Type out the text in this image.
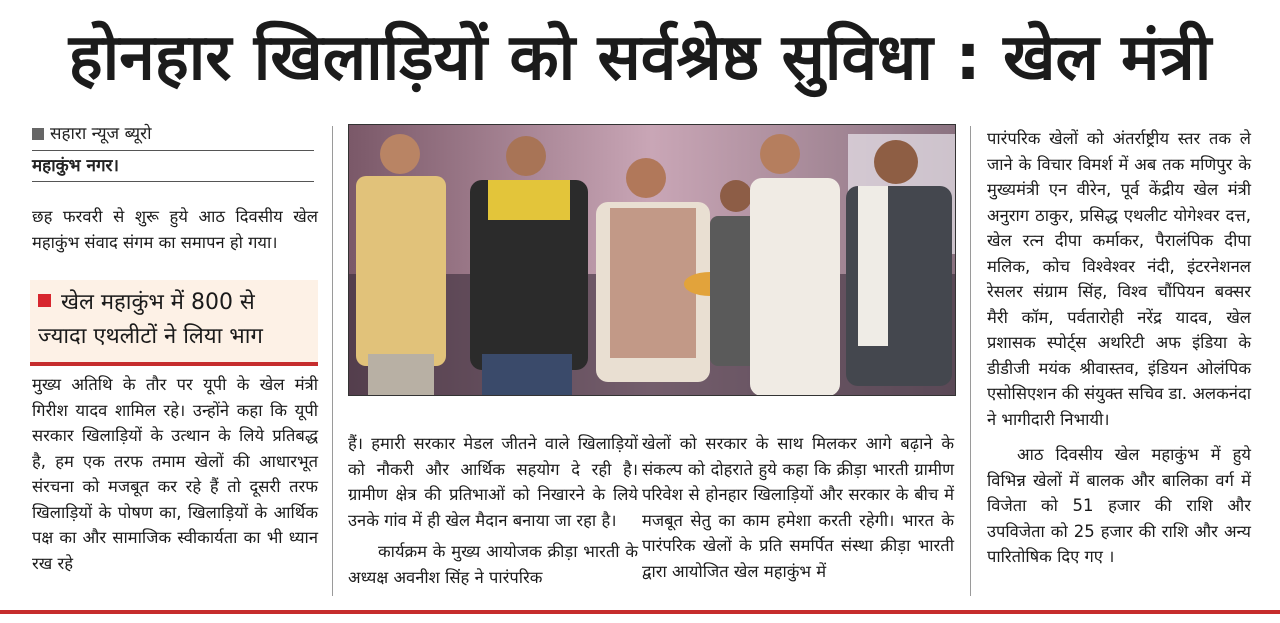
होनहार खिलाड़ियों को सर्वश्रेष्ठ सुविधा : खेल मंत्री
सहारा न्यूज ब्यूरो
महाकुंभ नगर।

छह फरवरी से शुरू हुये आठ दिवसीय खेल महाकुंभ संवाद संगम का समापन हो गया।

खेल महाकुंभ में 800 से ज्यादा एथलीटों ने लिया भाग

मुख्य अतिथि के तौर पर यूपी के खेल मंत्री गिरीश यादव शामिल रहे। उन्होंने कहा कि यूपी सरकार खिलाड़ियों के उत्थान के लिये प्रतिबद्ध है, हम एक तरफ तमाम खेलों की आधारभूत संरचना को मजबूत कर रहे हैं तो दूसरी तरफ खिलाड़ियों के पोषण का, खिलाड़ियों के आर्थिक पक्ष का और सामाजिक स्वीकार्यता का भी ध्यान रख रहे

हैं। हमारी सरकार मेडल जीतने वाले खिलाड़ियों को नौकरी और आर्थिक सहयोग दे रही है। ग्रामीण क्षेत्र की प्रतिभाओं को निखारने के लिये उनके गांव में ही खेल मैदान बनाया जा रहा है।

कार्यक्रम के मुख्य आयोजक क्रीड़ा भारती के अध्यक्ष अवनीश सिंह ने पारंपरिक

खेलों को सरकार के साथ मिलकर आगे बढ़ाने के संकल्प को दोहराते हुये कहा कि क्रीड़ा भारती ग्रामीण परिवेश से होनहार खिलाड़ियों और सरकार के बीच में मजबूत सेतु का काम हमेशा करती रहेगी। भारत के पारंपरिक खेलों के प्रति समर्पित संस्था क्रीड़ा भारती द्वारा आयोजित खेल महाकुंभ में

पारंपरिक खेलों को अंतर्राष्ट्रीय स्तर तक ले जाने के विचार विमर्श में अब तक मणिपुर के मुख्यमंत्री एन वीरेन, पूर्व केंद्रीय खेल मंत्री अनुराग ठाकुर, प्रसिद्ध एथलीट योगेश्वर दत्त, खेल रत्न दीपा कर्माकर, पैरालंपिक दीपा मलिक, कोच विश्वेश्वर नंदी, इंटरनेशनल रेसलर संग्राम सिंह, विश्व चौंपियन बक्सर मैरी कॉम, पर्वतारोही नरेंद्र यादव, खेल प्रशासक स्पोर्ट्स अथरिटी अफ इंडिया के डीडीजी मयंक श्रीवास्तव, इंडियन ओलंपिक एसोसिएशन की संयुक्त सचिव डा. अलकनंदा ने भागीदारी निभायी।

आठ दिवसीय खेल महाकुंभ में हुये विभिन्न खेलों में बालक और बालिका वर्ग में विजेता को 51 हजार की राशि और उपविजेता को 25 हजार की राशि और अन्य पारितोषिक दिए गए ।
